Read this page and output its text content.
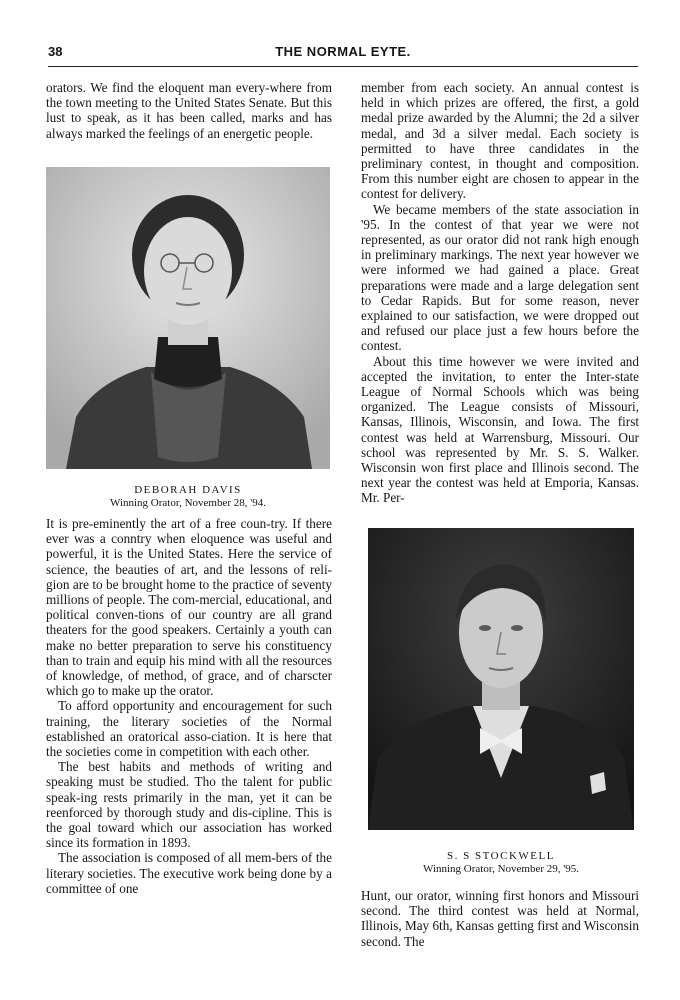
38	THE NORMAL EYTE.

orators. We find the eloquent man every-where from the town meeting to the United States Senate. But this lust to speak, as it has been called, marks and has always marked the feelings of an energetic people.

DEBORAH DAVIS
Winning Orator, November 28, '94.

It is pre-eminently the art of a free coun-try. If there ever was a conntry when eloquence was useful and powerful, it is the United States. Here the service of science, the beauties of art, and the lessons of reli-gion are to be brought home to the practice of seventy millions of people. The com-mercial, educational, and political conven-tions of our country are all grand theaters for the good speakers. Certainly a youth can make no better preparation to serve his constituency than to train and equip his mind with all the resources of knowledge, of method, of grace, and of charscter which go to make up the orator.

To afford opportunity and encouragement for such training, the literary societies of the Normal established an oratorical asso-ciation. It is here that the societies come in competition with each other.

The best habits and methods of writing and speaking must be studied. Tho the talent for public speak-ing rests primarily in the man, yet it can be reenforced by thorough study and dis-cipline. This is the goal toward which our association has worked since its formation in 1893.

The association is composed of all mem-bers of the literary societies. The executive work being done by a committee of one

member from each society. An annual contest is held in which prizes are offered, the first, a gold medal prize awarded by the Alumni; the 2d a silver medal, and 3d a silver medal. Each society is permitted to have three candidates in the preliminary contest, in thought and composition. From this number eight are chosen to appear in the contest for delivery.

We became members of the state association in '95. In the contest of that year we were not represented, as our orator did not rank high enough in preliminary markings. The next year however we were informed we had gained a place. Great preparations were made and a large delegation sent to Cedar Rapids. But for some reason, never explained to our satisfaction, we were dropped out and refused our place just a few hours before the contest.

About this time however we were invited and accepted the invitation, to enter the Inter-state League of Normal Schools which was being organized. The League consists of Missouri, Kansas, Illinois, Wisconsin, and Iowa. The first contest was held at Warrensburg, Missouri. Our school was represented by Mr. S. S. Walker. Wisconsin won first place and Illinois second. The next year the contest was held at Emporia, Kansas. Mr. Per-

S. S STOCKWELL
Winning Orator, November 29, '95.

Hunt, our orator, winning first honors and Missouri second. The third contest was held at Normal, Illinois, May 6th, Kansas getting first and Wisconsin second. The
